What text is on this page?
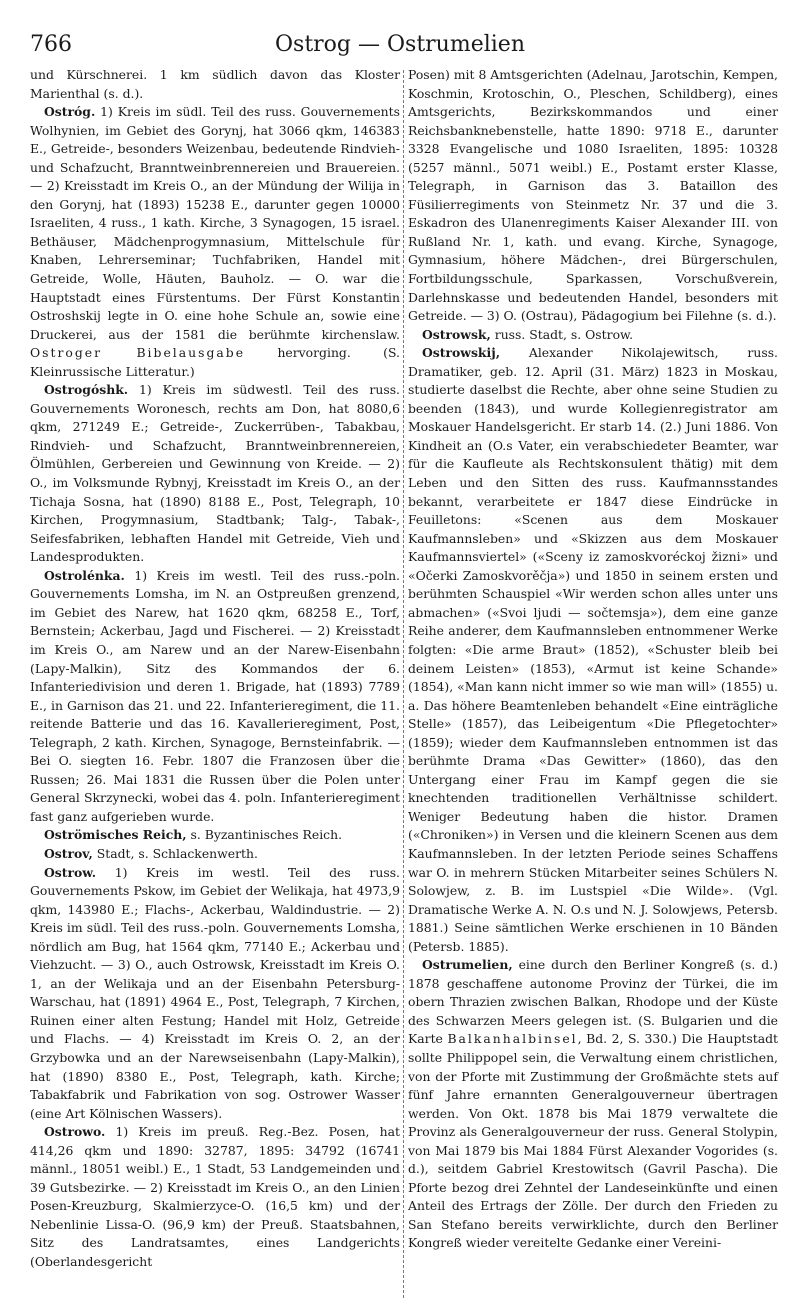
766	Ostrog — Ostrumelien

und Kürschnerei. 1 km südlich davon das Kloster Marienthal (s. d.).

Ostróg. 1) Kreis im südl. Teil des russ. Gouvernements Wolhynien, im Gebiet des Gorynj, hat 3066 qkm, 146383 E., Getreide-, besonders Weizenbau, bedeutende Rindvieh- und Schafzucht, Branntweinbrennereien und Brauereien. — 2) Kreisstadt im Kreis O., an der Mündung der Wilija in den Gorynj, hat (1893) 15238 E., darunter gegen 10000 Israeliten, 4 russ., 1 kath. Kirche, 3 Synagogen, 15 israel. Bethäuser, Mädchenprogymnasium, Mittelschule für Knaben, Lehrerseminar; Tuchfabriken, Handel mit Getreide, Wolle, Häuten, Bauholz. — O. war die Hauptstadt eines Fürstentums. Der Fürst Konstantin Ostroshskij legte in O. eine hohe Schule an, sowie eine Druckerei, aus der 1581 die berühmte kirchenslaw. Ostroger Bibelausgabe hervorging. (S. Kleinrussische Litteratur.)

Ostrogóshk. 1) Kreis im südwestl. Teil des russ. Gouvernements Woronesch, rechts am Don, hat 8080,6 qkm, 271249 E.; Getreide-, Zuckerrüben-, Tabakbau, Rindvieh- und Schafzucht, Branntweinbrennereien, Ölmühlen, Gerbereien und Gewinnung von Kreide. — 2) O., im Volksmunde Rybnyj, Kreisstadt im Kreis O., an der Tichaja Sosna, hat (1890) 8188 E., Post, Telegraph, 10 Kirchen, Progymnasium, Stadtbank; Talg-, Tabak-, Seifesfabriken, lebhaften Handel mit Getreide, Vieh und Landesprodukten.

Ostrolénka. 1) Kreis im westl. Teil des russ.-poln. Gouvernements Lomsha, im N. an Ostpreußen grenzend, im Gebiet des Narew, hat 1620 qkm, 68258 E., Torf, Bernstein; Ackerbau, Jagd und Fischerei. — 2) Kreisstadt im Kreis O., am Narew und an der Narew-Eisenbahn (Lapy-Malkin), Sitz des Kommandos der 6. Infanteriedivision und deren 1. Brigade, hat (1893) 7789 E., in Garnison das 21. und 22. Infanterieregiment, die 11. reitende Batterie und das 16. Kavallerieregiment, Post, Telegraph, 2 kath. Kirchen, Synagoge, Bernsteinfabrik. — Bei O. siegten 16. Febr. 1807 die Franzosen über die Russen; 26. Mai 1831 die Russen über die Polen unter General Skrzynecki, wobei das 4. poln. Infanterieregiment fast ganz aufgerieben wurde.

Oströmisches Reich, s. Byzantinisches Reich.

Ostrov, Stadt, s. Schlackenwerth.

Ostrow. 1) Kreis im westl. Teil des russ. Gouvernements Pskow, im Gebiet der Welikaja, hat 4973,9 qkm, 143980 E.; Flachs-, Ackerbau, Waldindustrie. — 2) Kreis im südl. Teil des russ.-poln. Gouvernements Lomsha, nördlich am Bug, hat 1564 qkm, 77140 E.; Ackerbau und Viehzucht. — 3) O., auch Ostrowsk, Kreisstadt im Kreis O. 1, an der Welikaja und an der Eisenbahn Petersburg-Warschau, hat (1891) 4964 E., Post, Telegraph, 7 Kirchen, Ruinen einer alten Festung; Handel mit Holz, Getreide und Flachs. — 4) Kreisstadt im Kreis O. 2, an der Grzybowka und an der Narewseisenbahn (Lapy-Malkin), hat (1890) 8380 E., Post, Telegraph, kath. Kirche; Tabakfabrik und Fabrikation von sog. Ostrower Wasser (eine Art Kölnischen Wassers).

Ostrowo. 1) Kreis im preuß. Reg.-Bez. Posen, hat 414,26 qkm und 1890: 32787, 1895: 34792 (16741 männl., 18051 weibl.) E., 1 Stadt, 53 Landgemeinden und 39 Gutsbezirke. — 2) Kreisstadt im Kreis O., an den Linien Posen-Kreuzburg, Skalmierzyce-O. (16,5 km) und der Nebenlinie Lissa-O. (96,9 km) der Preuß. Staatsbahnen, Sitz des Landratsamtes, eines Landgerichts (Oberlandesgericht

Posen) mit 8 Amtsgerichten (Adelnau, Jarotschin, Kempen, Koschmin, Krotoschin, O., Pleschen, Schildberg), eines Amtsgerichts, Bezirkskommandos und einer Reichsbanknebenstelle, hatte 1890: 9718 E., darunter 3328 Evangelische und 1080 Israeliten, 1895: 10328 (5257 männl., 5071 weibl.) E., Postamt erster Klasse, Telegraph, in Garnison das 3. Bataillon des Füsilierregiments von Steinmetz Nr. 37 und die 3. Eskadron des Ulanenregiments Kaiser Alexander III. von Rußland Nr. 1, kath. und evang. Kirche, Synagoge, Gymnasium, höhere Mädchen-, drei Bürgerschulen, Fortbildungsschule, Sparkassen, Vorschußverein, Darlehnskasse und bedeutenden Handel, besonders mit Getreide. — 3) O. (Ostrau), Pädagogium bei Filehne (s. d.).

Ostrowsk, russ. Stadt, s. Ostrow.

Ostrowskij, Alexander Nikolajewitsch, russ. Dramatiker, geb. 12. April (31. März) 1823 in Moskau, studierte daselbst die Rechte, aber ohne seine Studien zu beenden (1843), und wurde Kollegienregistrator am Moskauer Handelsgericht. Er starb 14. (2.) Juni 1886. Von Kindheit an (O.s Vater, ein verabschiedeter Beamter, war für die Kaufleute als Rechtskonsulent thätig) mit dem Leben und den Sitten des russ. Kaufmannsstandes bekannt, verarbeitete er 1847 diese Eindrücke in Feuilletons: «Scenen aus dem Moskauer Kaufmannsleben» und «Skizzen aus dem Moskauer Kaufmannsviertel» («Sceny iz zamoskvoréckoj žizni» und «Očerki Zamoskvorěčja») und 1850 in seinem ersten und berühmten Schauspiel «Wir werden schon alles unter uns abmachen» («Svoi ljudi — sočtemsja»), dem eine ganze Reihe anderer, dem Kaufmannsleben entnommener Werke folgten: «Die arme Braut» (1852), «Schuster bleib bei deinem Leisten» (1853), «Armut ist keine Schande» (1854), «Man kann nicht immer so wie man will» (1855) u. a. Das höhere Beamtenleben behandelt «Eine einträgliche Stelle» (1857), das Leibeigentum «Die Pflegetochter» (1859); wieder dem Kaufmannsleben entnommen ist das berühmte Drama «Das Gewitter» (1860), das den Untergang einer Frau im Kampf gegen die sie knechtenden traditionellen Verhältnisse schildert. Weniger Bedeutung haben die histor. Dramen («Chroniken») in Versen und die kleinern Scenen aus dem Kaufmannsleben. In der letzten Periode seines Schaffens war O. in mehrern Stücken Mitarbeiter seines Schülers N. Solowjew, z. B. im Lustspiel «Die Wilde». (Vgl. Dramatische Werke A. N. O.s und N. J. Solowjews, Petersb. 1881.) Seine sämtlichen Werke erschienen in 10 Bänden (Petersb. 1885).

Ostrumelien, eine durch den Berliner Kongreß (s. d.) 1878 geschaffene autonome Provinz der Türkei, die im obern Thrazien zwischen Balkan, Rhodope und der Küste des Schwarzen Meers gelegen ist. (S. Bulgarien und die Karte Balkanhalbinsel, Bd. 2, S. 330.) Die Hauptstadt sollte Philippopel sein, die Verwaltung einem christlichen, von der Pforte mit Zustimmung der Großmächte stets auf fünf Jahre ernannten Generalgouverneur übertragen werden. Von Okt. 1878 bis Mai 1879 verwaltete die Provinz als Generalgouverneur der russ. General Stolypin, von Mai 1879 bis Mai 1884 Fürst Alexander Vogorides (s. d.), seitdem Gabriel Krestowitsch (Gavril Pascha). Die Pforte bezog drei Zehntel der Landeseinkünfte und einen Anteil des Ertrags der Zölle. Der durch den Frieden zu San Stefano bereits verwirklichte, durch den Berliner Kongreß wieder vereitelte Gedanke einer Vereini-
